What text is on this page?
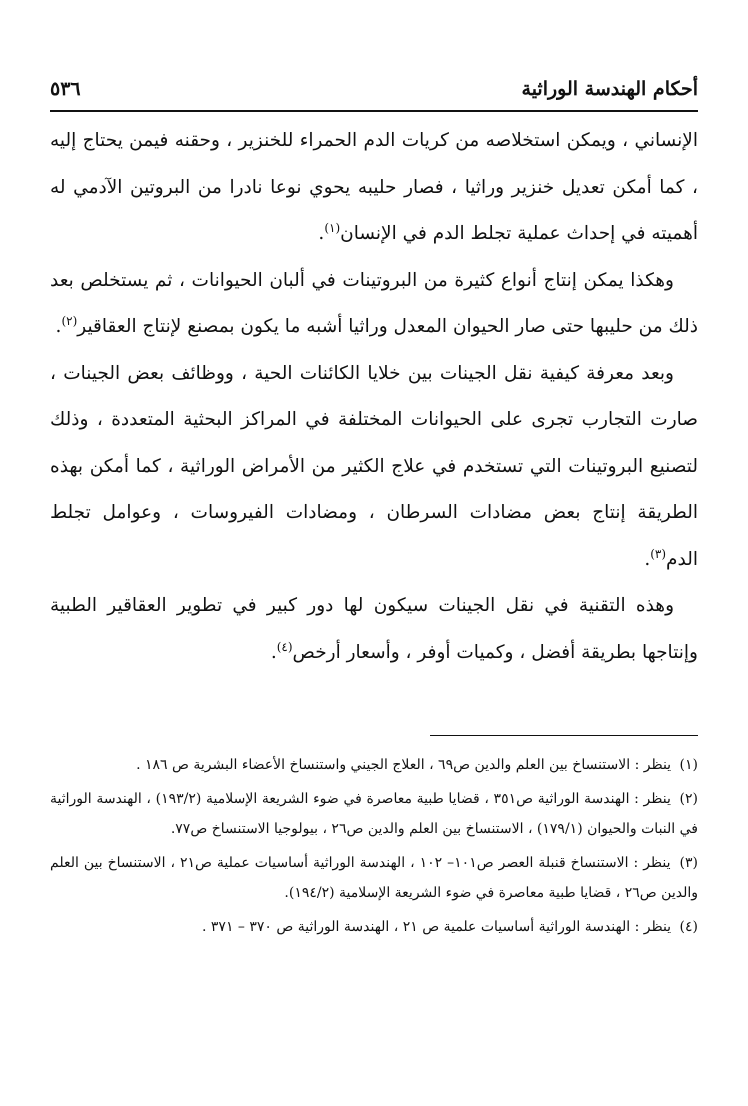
أحكام الهندسة الوراثية
٥٣٦

الإنساني ، ويمكن استخلاصه من كريات الدم الحمراء للخنزير ، وحقنه فيمن يحتاج إليه ، كما أمكن تعديل خنزير وراثيا ، فصار حليبه يحوي نوعا نادرا من البروتين الآدمي له أهميته في إحداث عملية تجلط الدم في الإنسان$^{(١)}$.

وهكذا يمكن إنتاج أنواع كثيرة من البروتينات في ألبان الحيوانات ، ثم يستخلص بعد ذلك من حليبها حتى صار الحيوان المعدل وراثيا أشبه ما يكون بمصنع لإنتاج العقاقير$^{(٢)}$.

وبعد معرفة كيفية نقل الجينات بين خلايا الكائنات الحية ، ووظائف بعض الجينات ، صارت التجارب تجرى على الحيوانات المختلفة في المراكز البحثية المتعددة ، وذلك لتصنيع البروتينات التي تستخدم في علاج الكثير من الأمراض الوراثية ، كما أمكن بهذه الطريقة إنتاج بعض مضادات السرطان ، ومضادات الفيروسات ، وعوامل تجلط الدم$^{(٣)}$.

وهذه التقنية في نقل الجينات سيكون لها دور كبير في تطوير العقاقير الطبية وإنتاجها بطريقة أفضل ، وكميات أوفر ، وأسعار أرخص$^{(٤)}$.

(١) ينظر : الاستنساخ بين العلم والدين ص٦٩ ، العلاج الجيني واستنساخ الأعضاء البشرية ص ١٨٦ .

(٢) ينظر : الهندسة الوراثية ص٣٥١ ، قضايا طبية معاصرة في ضوء الشريعة الإسلامية (١٩٣/٢) ، الهندسة الوراثية في النبات والحيوان (١٧٩/١) ، الاستنساخ بين العلم والدين ص٢٦ ، بيولوجيا الاستنساخ ص٧٧.

(٣) ينظر : الاستنساخ قنبلة العصر ص١٠١– ١٠٢ ، الهندسة الوراثية أساسيات عملية ص٢١ ، الاستنساخ بين العلم والدين ص٢٦ ، قضايا طبية معاصرة في ضوء الشريعة الإسلامية (١٩٤/٢).

(٤) ينظر : الهندسة الوراثية أساسيات علمية ص ٢١ ، الهندسة الوراثية ص ٣٧٠ – ٣٧١ .
